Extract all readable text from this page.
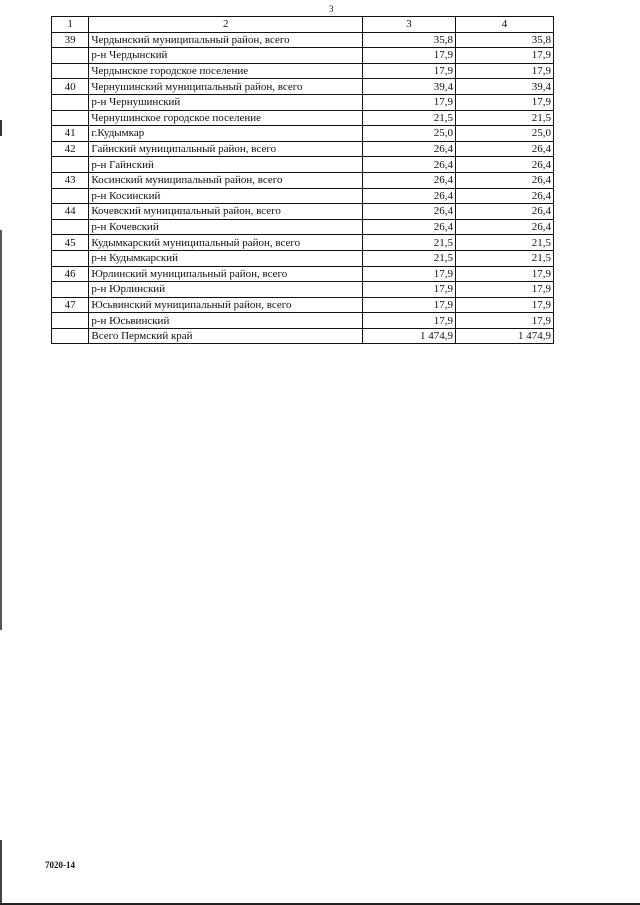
3
1	2	3	4
39	Чердынский муниципальный район, всего	35,8	35,8
	р-н Чердынский	17,9	17,9
	Чердынское городское поселение	17,9	17,9
40	Чернушинский муниципальный район, всего	39,4	39,4
	р-н Чернушинский	17,9	17,9
	Чернушинское городское поселение	21,5	21,5
41	г.Кудымкар	25,0	25,0
42	Гайнский муниципальный район, всего	26,4	26,4
	р-н Гайнский	26,4	26,4
43	Косинский муниципальный район, всего	26,4	26,4
	р-н Косинский	26,4	26,4
44	Кочевский муниципальный район, всего	26,4	26,4
	р-н Кочевский	26,4	26,4
45	Кудымкарский муниципальный район, всего	21,5	21,5
	р-н Кудымкарский	21,5	21,5
46	Юрлинский муниципальный район, всего	17,9	17,9
	р-н Юрлинский	17,9	17,9
47	Юсьвинский муниципальный район, всего	17,9	17,9
	р-н Юсьвинский	17,9	17,9
	Всего Пермский край	1 474,9	1 474,9
7020-14
